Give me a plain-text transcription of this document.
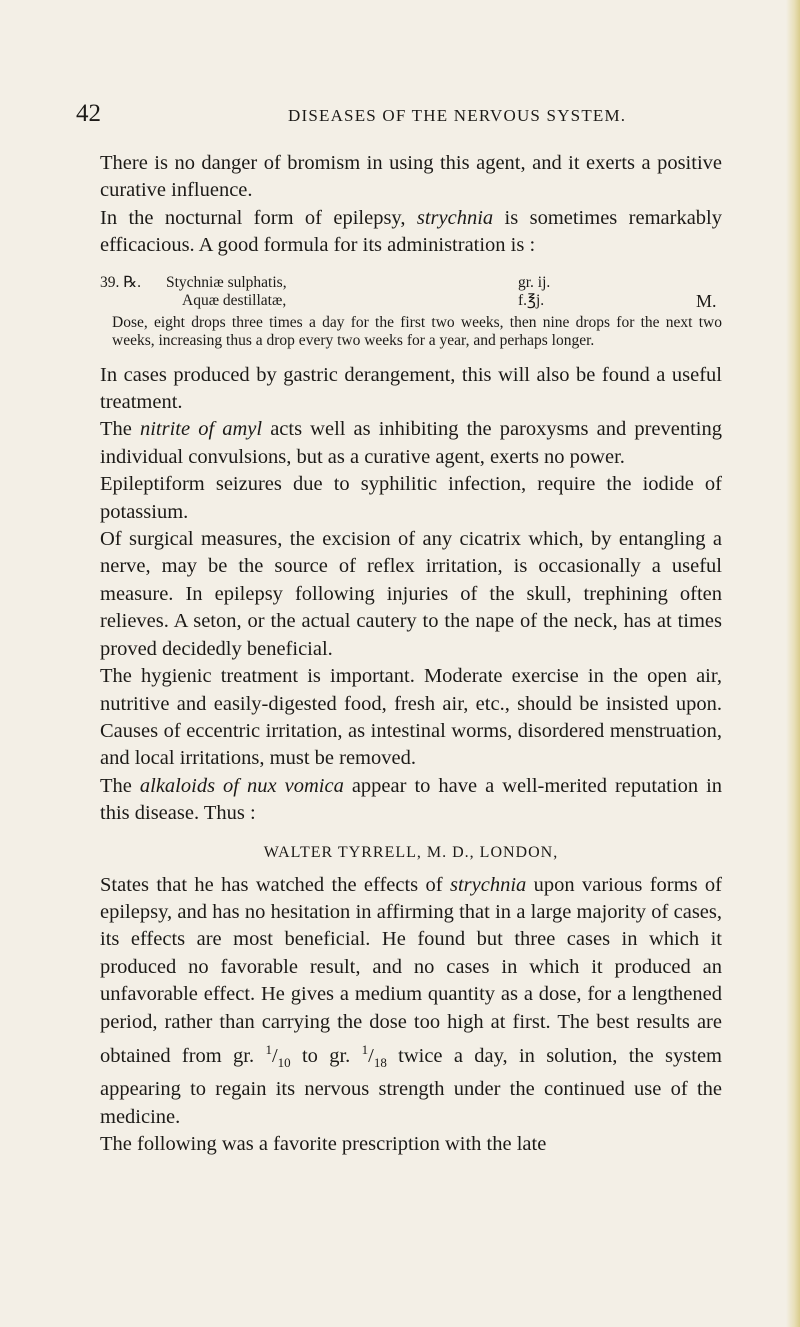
42	DISEASES OF THE NERVOUS SYSTEM.

There is no danger of bromism in using this agent, and it exerts a positive curative influence.

In the nocturnal form of epilepsy, strychnia is sometimes remarkably efficacious. A good formula for its administration is :

39. ℞. Stychniæ sulphatis,	gr. ij.
Aquæ destillatæ,	f.℥j.	M.
Dose, eight drops three times a day for the first two weeks, then nine drops for the next two weeks, increasing thus a drop every two weeks for a year, and perhaps longer.

In cases produced by gastric derangement, this will also be found a useful treatment.

The nitrite of amyl acts well as inhibiting the paroxysms and preventing individual convulsions, but as a curative agent, exerts no power.

Epileptiform seizures due to syphilitic infection, require the iodide of potassium.

Of surgical measures, the excision of any cicatrix which, by entangling a nerve, may be the source of reflex irritation, is occasionally a useful measure. In epilepsy following injuries of the skull, trephining often relieves. A seton, or the actual cautery to the nape of the neck, has at times proved decidedly beneficial.

The hygienic treatment is important. Moderate exercise in the open air, nutritive and easily-digested food, fresh air, etc., should be insisted upon. Causes of eccentric irritation, as intestinal worms, disordered menstruation, and local irritations, must be removed.

The alkaloids of nux vomica appear to have a well-merited reputation in this disease. Thus :

WALTER TYRRELL, M. D., LONDON,

States that he has watched the effects of strychnia upon various forms of epilepsy, and has no hesitation in affirming that in a large majority of cases, its effects are most beneficial. He found but three cases in which it produced no favorable result, and no cases in which it produced an unfavorable effect. He gives a medium quantity as a dose, for a lengthened period, rather than carrying the dose too high at first. The best results are obtained from gr. $^1/_{10}$ to gr. $^1/_{18}$ twice a day, in solution, the system appearing to regain its nervous strength under the continued use of the medicine.

The following was a favorite prescription with the late
